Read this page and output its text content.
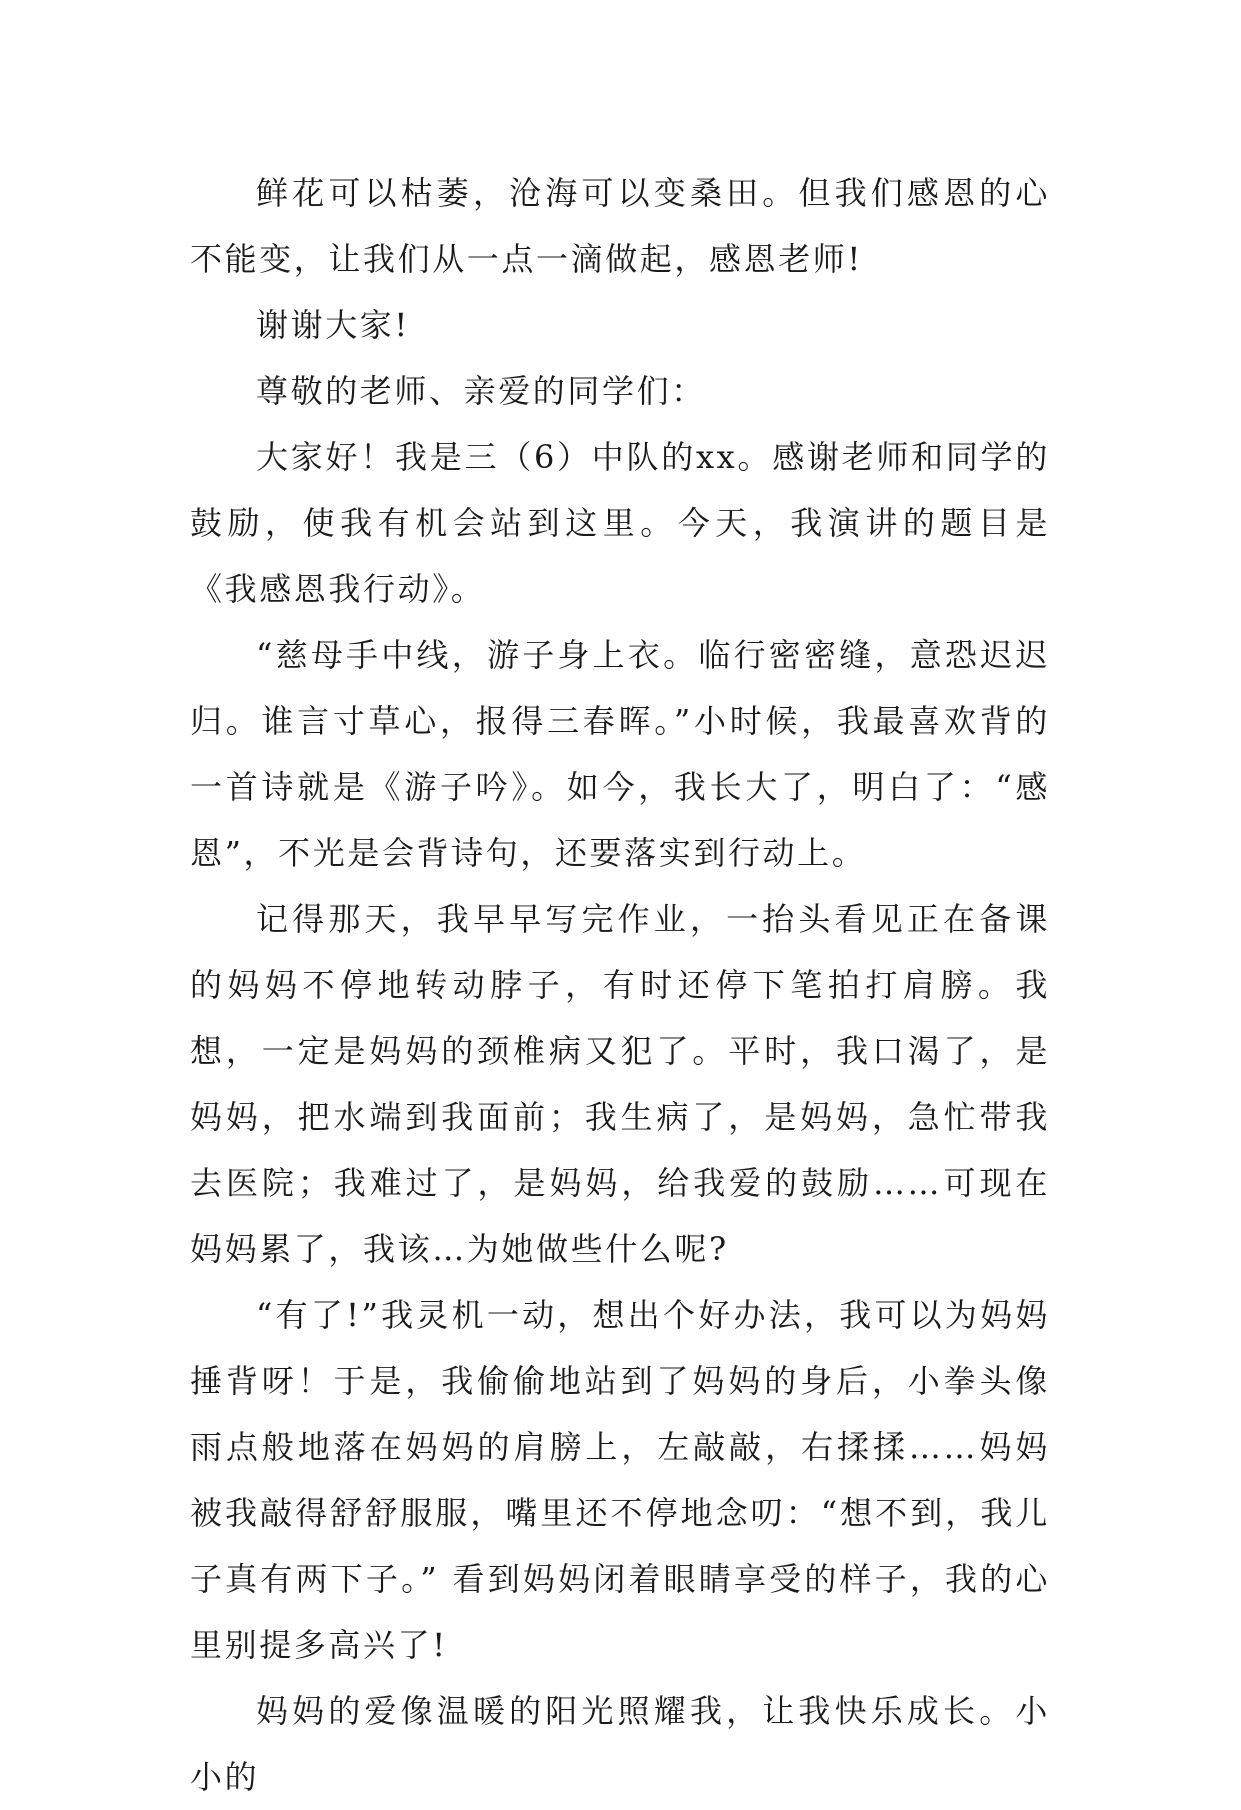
鲜花可以枯萎，沧海可以变桑田。但我们感恩的心不能变，让我们从一点一滴做起，感恩老师!

谢谢大家!

尊敬的老师、亲爱的同学们：

大家好！我是三（6）中队的xx。感谢老师和同学的鼓励，使我有机会站到这里。今天，我演讲的题目是《我感恩我行动》。

“慈母手中线，游子身上衣。临行密密缝，意恐迟迟归。谁言寸草心，报得三春晖。”小时候，我最喜欢背的一首诗就是《游子吟》。如今，我长大了，明白了：“感恩”，不光是会背诗句，还要落实到行动上。

记得那天，我早早写完作业，一抬头看见正在备课的妈妈不停地转动脖子，有时还停下笔拍打肩膀。我想，一定是妈妈的颈椎病又犯了。平时，我口渴了，是妈妈，把水端到我面前；我生病了，是妈妈，急忙带我去医院；我难过了，是妈妈，给我爱的鼓励……可现在妈妈累了，我该…为她做些什么呢?

“有了!”我灵机一动，想出个好办法，我可以为妈妈捶背呀！于是，我偷偷地站到了妈妈的身后，小拳头像雨点般地落在妈妈的肩膀上，左敲敲，右揉揉……妈妈被我敲得舒舒服服，嘴里还不停地念叨：“想不到，我儿子真有两下子。” 看到妈妈闭着眼睛享受的样子，我的心里别提多高兴了!

妈妈的爱像温暖的阳光照耀我，让我快乐成长。小小的
